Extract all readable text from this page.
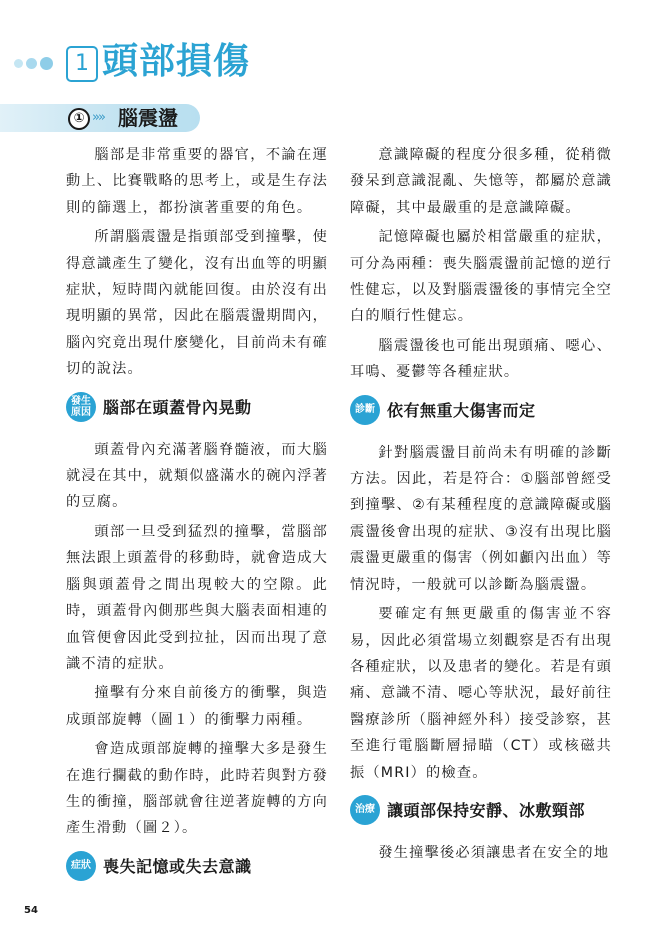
1 頭部損傷
① »» 腦震盪

腦部是非常重要的器官，不論在運動上、比賽戰略的思考上，或是生存法則的篩選上，都扮演著重要的角色。

所謂腦震盪是指頭部受到撞擊，使得意識產生了變化，沒有出血等的明顯症狀，短時間內就能回復。由於沒有出現明顯的異常，因此在腦震盪期間內，腦內究竟出現什麼變化，目前尚未有確切的說法。

發生
原因 腦部在頭蓋骨內晃動

頭蓋骨內充滿著腦脊髓液，而大腦就浸在其中，就類似盛滿水的碗內浮著的豆腐。

頭部一旦受到猛烈的撞擊，當腦部無法跟上頭蓋骨的移動時，就會造成大腦與頭蓋骨之間出現較大的空隙。此時，頭蓋骨內側那些與大腦表面相連的血管便會因此受到拉扯，因而出現了意識不清的症狀。

撞擊有分來自前後方的衝擊，與造成頭部旋轉（圖１）的衝擊力兩種。

會造成頭部旋轉的撞擊大多是發生在進行攔截的動作時，此時若與對方發生的衝撞，腦部就會往逆著旋轉的方向產生滑動（圖２）。

症狀 喪失記憶或失去意識

意識障礙的程度分很多種，從稍微發呆到意識混亂、失憶等，都屬於意識障礙，其中最嚴重的是意識障礙。

記憶障礙也屬於相當嚴重的症狀，可分為兩種：喪失腦震盪前記憶的逆行性健忘，以及對腦震盪後的事情完全空白的順行性健忘。

腦震盪後也可能出現頭痛、噁心、耳鳴、憂鬱等各種症狀。

診斷 依有無重大傷害而定

針對腦震盪目前尚未有明確的診斷方法。因此，若是符合：①腦部曾經受到撞擊、②有某種程度的意識障礙或腦震盪後會出現的症狀、③沒有出現比腦震盪更嚴重的傷害（例如顱內出血）等情況時，一般就可以診斷為腦震盪。

要確定有無更嚴重的傷害並不容易，因此必須當場立刻觀察是否有出現各種症狀，以及患者的變化。若是有頭痛、意識不清、噁心等狀況，最好前往醫療診所（腦神經外科）接受診察，甚至進行電腦斷層掃瞄（CT）或核磁共振（MRI）的檢查。

治療 讓頭部保持安靜、冰敷頸部

發生撞擊後必須讓患者在安全的地

54
